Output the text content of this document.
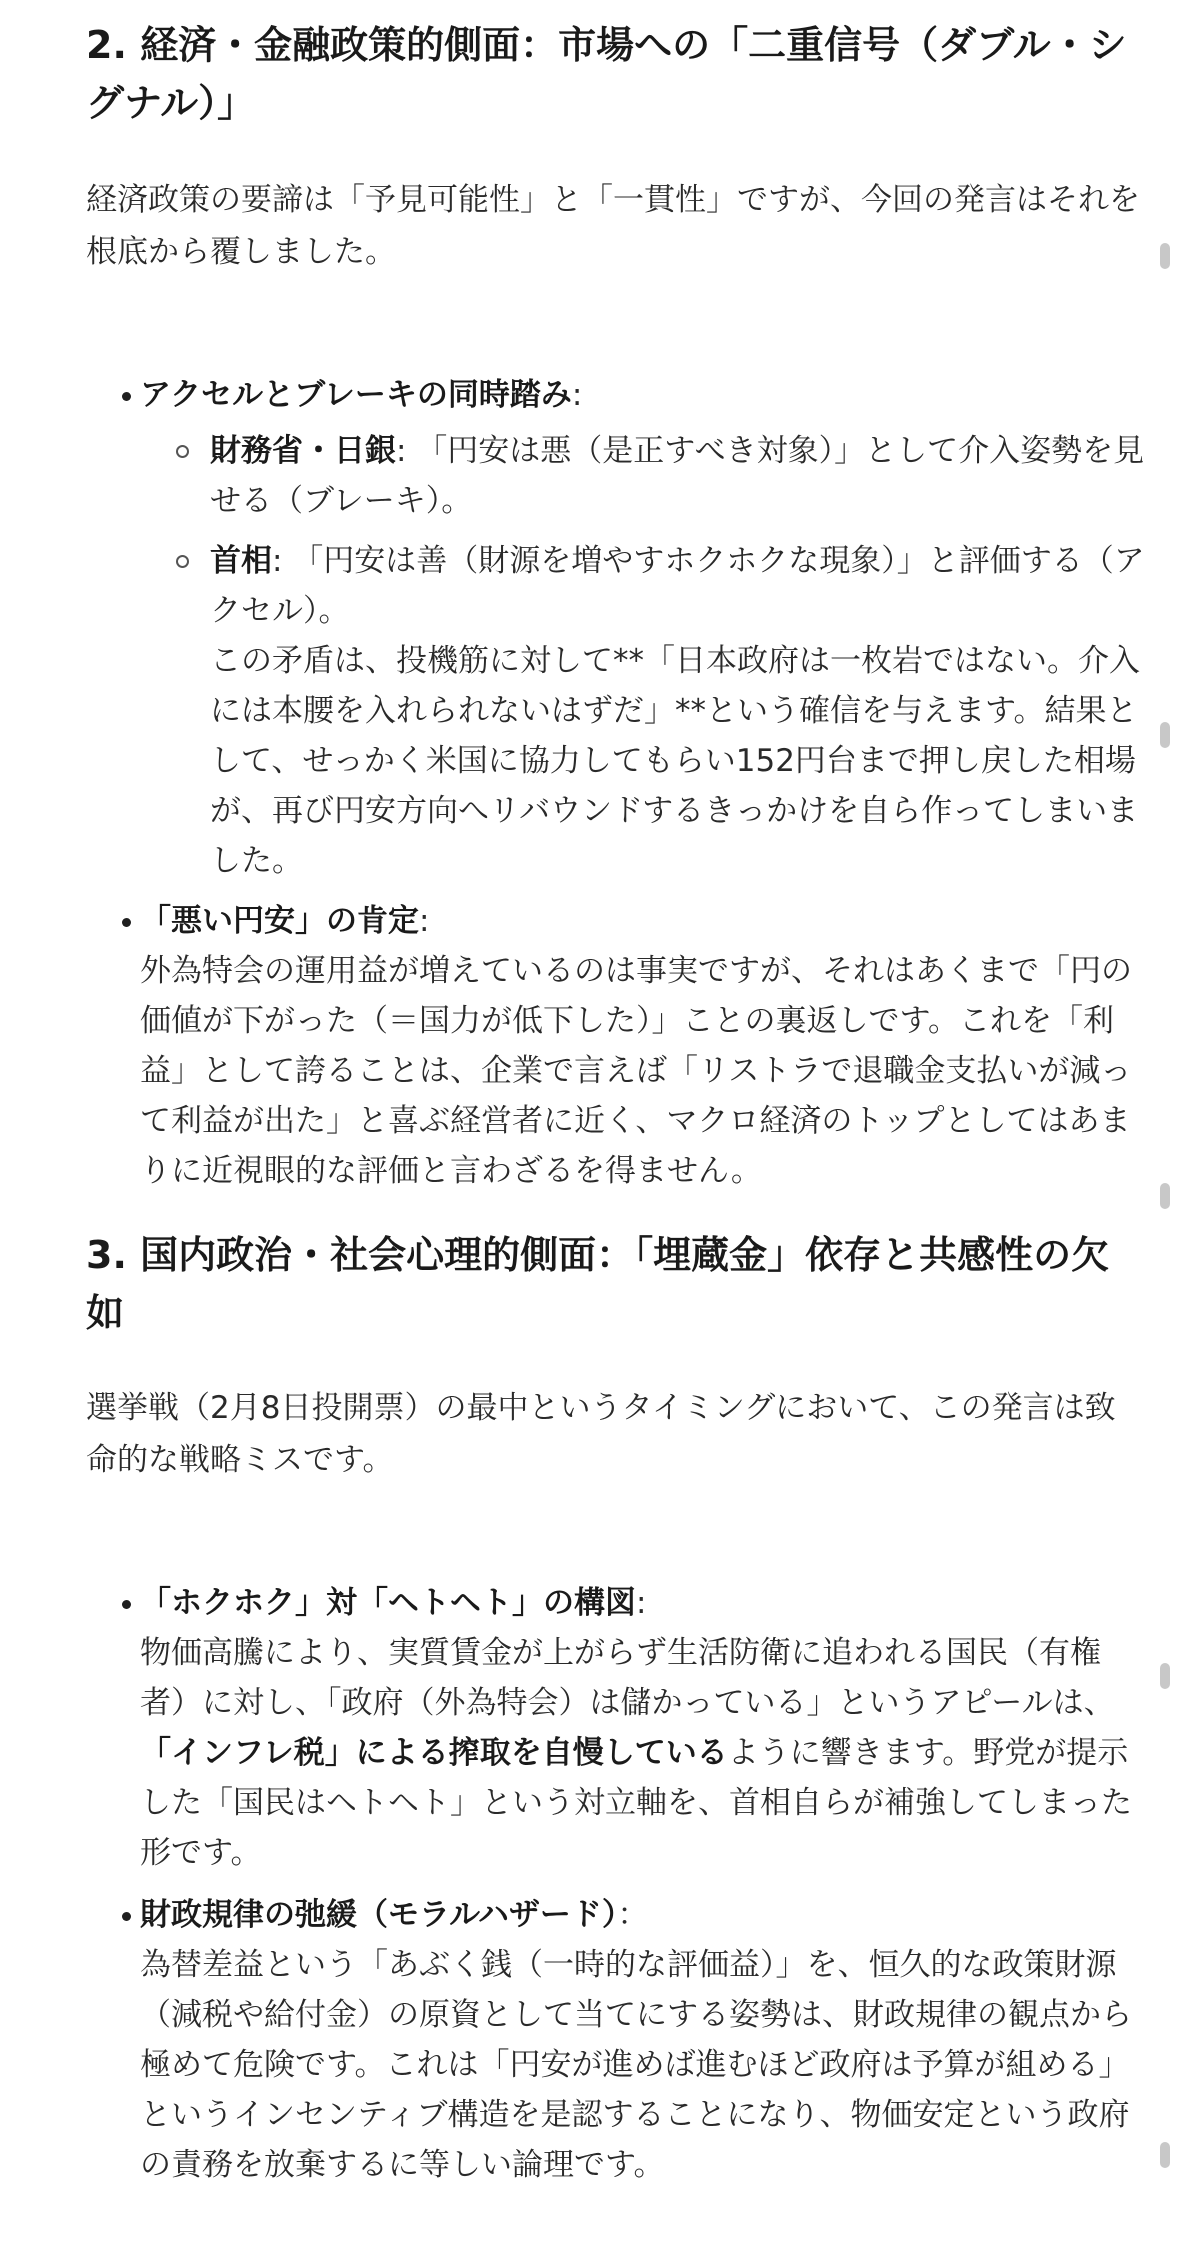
2. 経済・金融政策的側面：市場への「二重信号（ダブル・シグナル）」

経済政策の要諦は「予見可能性」と「一貫性」ですが、今回の発言はそれを根底から覆しました。

アクセルとブレーキの同時踏み:
財務省・日銀: 「円安は悪（是正すべき対象）」として介入姿勢を見せる（ブレーキ）。
首相: 「円安は善（財源を増やすホクホクな現象）」と評価する（アクセル）。
この矛盾は、投機筋に対して**「日本政府は一枚岩ではない。介入には本腰を入れられないはずだ」**という確信を与えます。結果として、せっかく米国に協力してもらい152円台まで押し戻した相場が、再び円安方向へリバウンドするきっかけを自ら作ってしまいました。
「悪い円安」の肯定:
外為特会の運用益が増えているのは事実ですが、それはあくまで「円の価値が下がった（＝国力が低下した）」ことの裏返しです。これを「利益」として誇ることは、企業で言えば「リストラで退職金支払いが減って利益が出た」と喜ぶ経営者に近く、マクロ経済のトップとしてはあまりに近視眼的な評価と言わざるを得ません。
3. 国内政治・社会心理的側面：「埋蔵金」依存と共感性の欠如

選挙戦（2月8日投開票）の最中というタイミングにおいて、この発言は致命的な戦略ミスです。

「ホクホク」対「ヘトヘト」の構図:
物価高騰により、実質賃金が上がらず生活防衛に追われる国民（有権者）に対し、「政府（外為特会）は儲かっている」というアピールは、「インフレ税」による搾取を自慢しているように響きます。野党が提示した「国民はヘトヘト」という対立軸を、首相自らが補強してしまった形です。
財政規律の弛緩（モラルハザード）：
為替差益という「あぶく銭（一時的な評価益）」を、恒久的な政策財源（減税や給付金）の原資として当てにする姿勢は、財政規律の観点から極めて危険です。これは「円安が進めば進むほど政府は予算が組める」というインセンティブ構造を是認することになり、物価安定という政府の責務を放棄するに等しい論理です。
